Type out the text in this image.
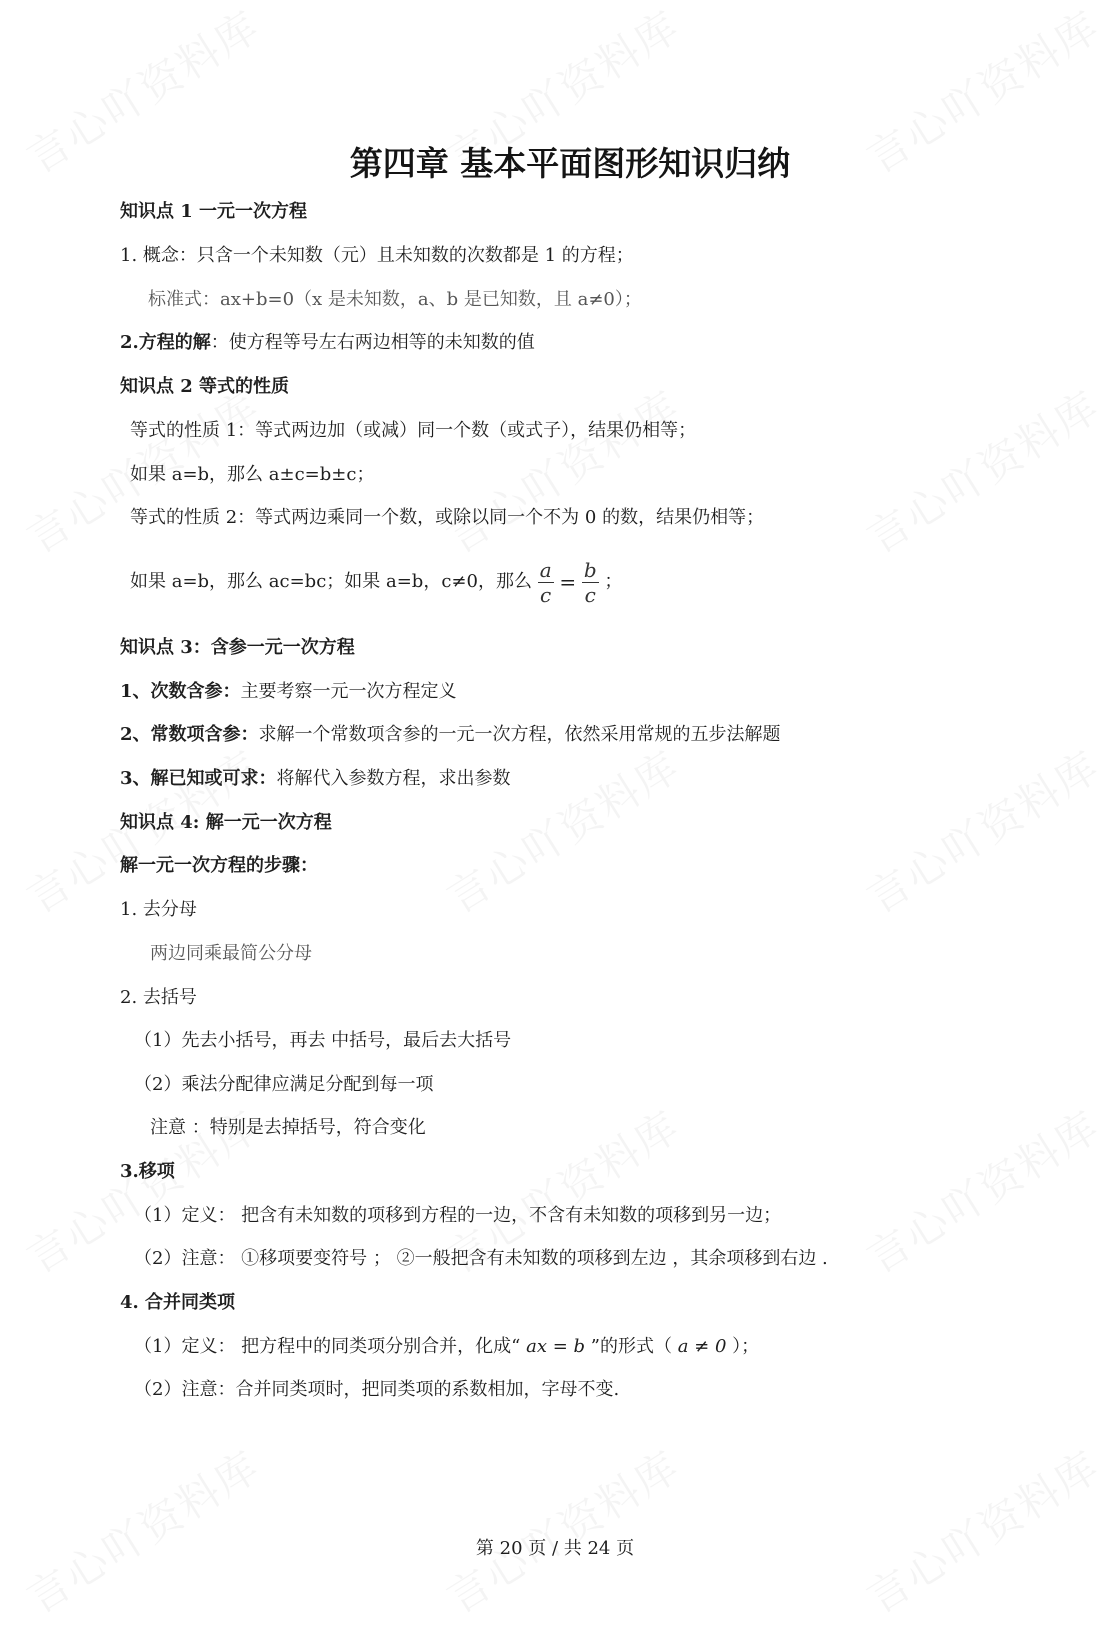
第四章 基本平面图形知识归纳
知识点 1 一元一次方程
1. 概念：只含一个未知数（元）且未知数的次数都是 1 的方程；
标准式：ax+b=0（x 是未知数，a、b 是已知数，且 a≠0）；
2.方程的解：使方程等号左右两边相等的未知数的值
知识点 2 等式的性质
等式的性质 1：等式两边加（或减）同一个数（或式子），结果仍相等；
如果 a=b，那么 a±c=b±c；
等式的性质 2：等式两边乘同一个数，或除以同一个不为 0 的数，结果仍相等；
如果 a=b，那么 ac=bc；如果 a=b，c≠0，那么 $\frac{a}{c} = \frac{b}{c}$ ；
知识点 3：含参一元一次方程
1、次数含参：主要考察一元一次方程定义
2、常数项含参：求解一个常数项含参的一元一次方程，依然采用常规的五步法解题
3、解已知或可求：将解代入参数方程，求出参数
知识点 4: 解一元一次方程
解一元一次方程的步骤：
1. 去分母
两边同乘最简公分母
2. 去括号
（1）先去小括号，再去 中括号，最后去大括号
（2）乘法分配律应满足分配到每一项
注意 ：特别是去掉括号，符合变化
3.移项
（1）定义： 把含有未知数的项移到方程的一边，不含有未知数的项移到另一边；
（2）注意： ①移项要变符号 ； ②一般把含有未知数的项移到左边 ，其余项移到右边 .
4. 合并同类项
（1）定义： 把方程中的同类项分别合并，化成“ ax = b ”的形式（ a ≠ 0 ）；
（2）注意：合并同类项时，把同类项的系数相加，字母不变.
第 20 页 / 共 24 页
